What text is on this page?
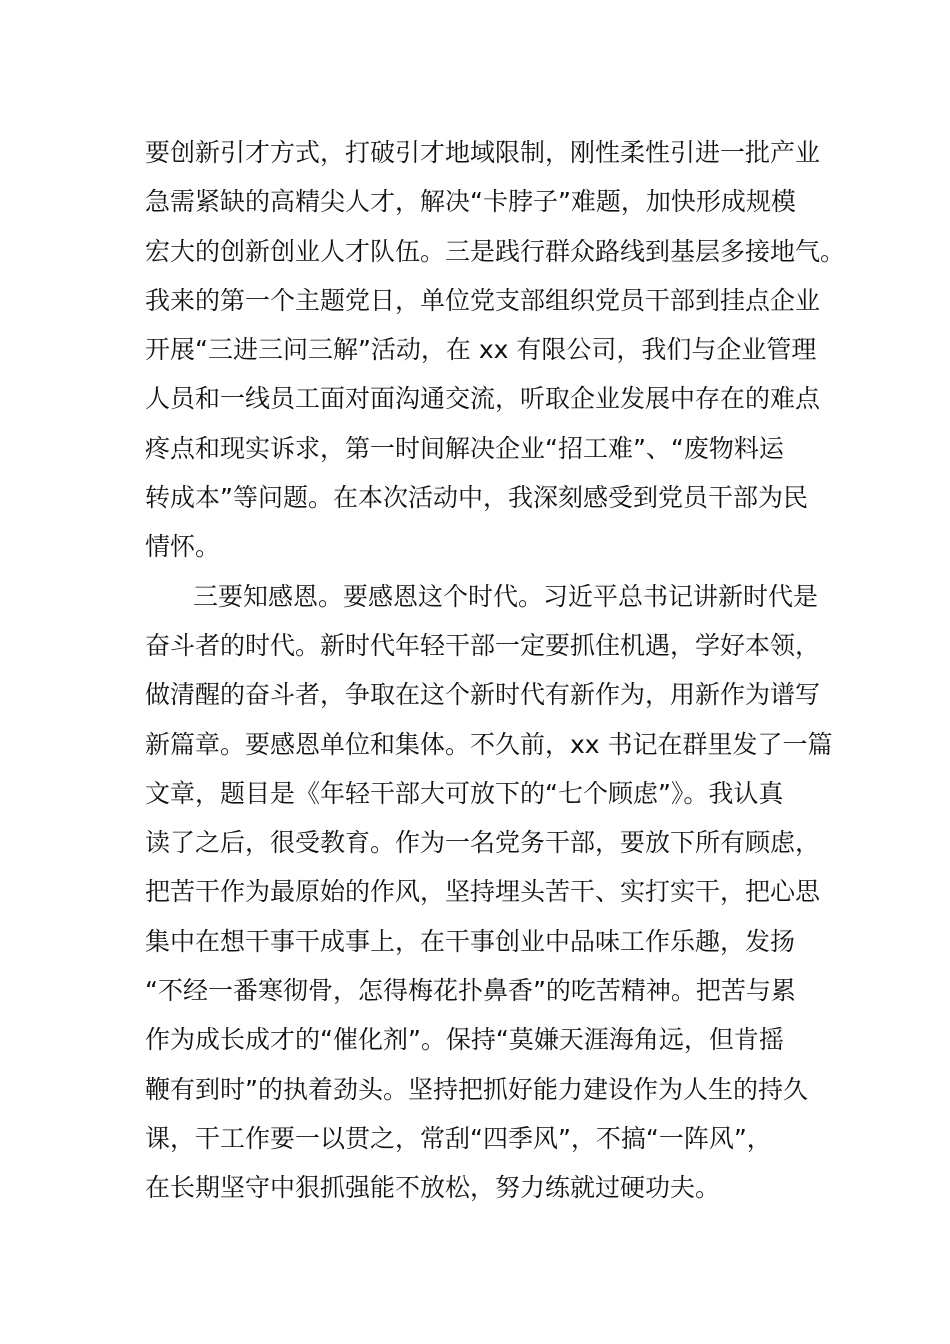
要创新引才方式，打破引才地域限制，刚性柔性引进一批产业
急需紧缺的高精尖人才，解决“卡脖子”难题，加快形成规模
宏大的创新创业人才队伍。三是践行群众路线到基层多接地气。
我来的第一个主题党日，单位党支部组织党员干部到挂点企业
开展“三进三问三解”活动，在 xx 有限公司，我们与企业管理
人员和一线员工面对面沟通交流，听取企业发展中存在的难点
疼点和现实诉求，第一时间解决企业“招工难”、“废物料运
转成本”等问题。在本次活动中，我深刻感受到党员干部为民
情怀。
三要知感恩。要感恩这个时代。习近平总书记讲新时代是
奋斗者的时代。新时代年轻干部一定要抓住机遇，学好本领，
做清醒的奋斗者，争取在这个新时代有新作为，用新作为谱写
新篇章。要感恩单位和集体。不久前，xx 书记在群里发了一篇
文章，题目是《年轻干部大可放下的“七个顾虑”》。我认真
读了之后，很受教育。作为一名党务干部，要放下所有顾虑，
把苦干作为最原始的作风，坚持埋头苦干、实打实干，把心思
集中在想干事干成事上，在干事创业中品味工作乐趣，发扬
“不经一番寒彻骨，怎得梅花扑鼻香”的吃苦精神。把苦与累
作为成长成才的“催化剂”。保持“莫嫌天涯海角远，但肯摇
鞭有到时”的执着劲头。坚持把抓好能力建设作为人生的持久
课，干工作要一以贯之，常刮“四季风”，不搞“一阵风”，
在长期坚守中狠抓强能不放松，努力练就过硬功夫。
